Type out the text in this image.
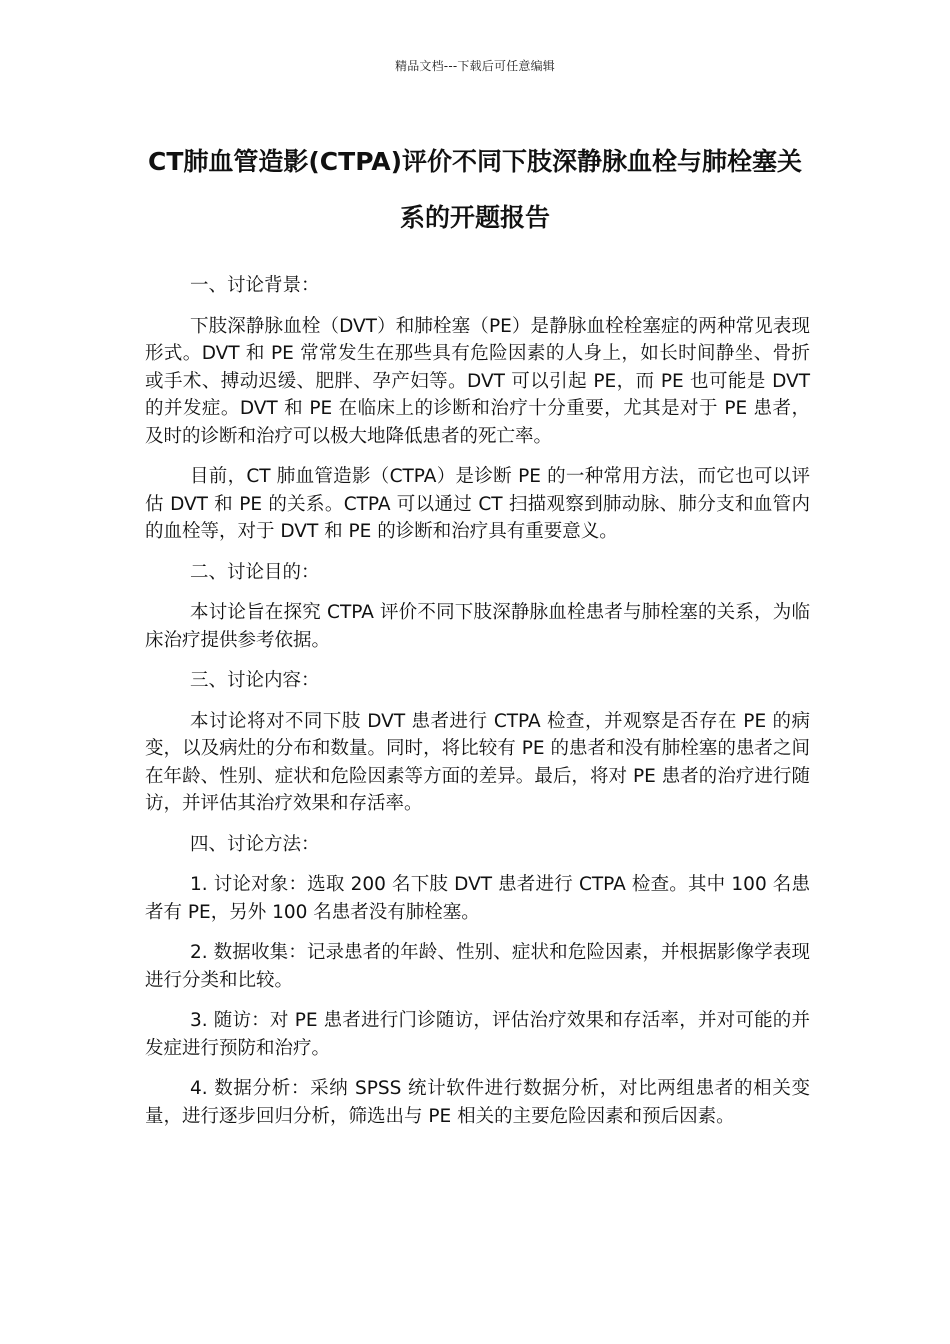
精品文档---下载后可任意编辑
CT肺血管造影(CTPA)评价不同下肢深静脉血栓与肺栓塞关系的开题报告

一、讨论背景：

下肢深静脉血栓（DVT）和肺栓塞（PE）是静脉血栓栓塞症的两种常见表现形式。DVT 和 PE 常常发生在那些具有危险因素的人身上，如长时间静坐、骨折或手术、搏动迟缓、肥胖、孕产妇等。DVT 可以引起 PE，而 PE 也可能是 DVT 的并发症。DVT 和 PE 在临床上的诊断和治疗十分重要，尤其是对于 PE 患者，及时的诊断和治疗可以极大地降低患者的死亡率。

目前，CT 肺血管造影（CTPA）是诊断 PE 的一种常用方法，而它也可以评估 DVT 和 PE 的关系。CTPA 可以通过 CT 扫描观察到肺动脉、肺分支和血管内的血栓等，对于 DVT 和 PE 的诊断和治疗具有重要意义。

二、讨论目的：

本讨论旨在探究 CTPA 评价不同下肢深静脉血栓患者与肺栓塞的关系，为临床治疗提供参考依据。

三、讨论内容：

本讨论将对不同下肢 DVT 患者进行 CTPA 检查，并观察是否存在 PE 的病变，以及病灶的分布和数量。同时，将比较有 PE 的患者和没有肺栓塞的患者之间在年龄、性别、症状和危险因素等方面的差异。最后，将对 PE 患者的治疗进行随访，并评估其治疗效果和存活率。

四、讨论方法：

1. 讨论对象：选取 200 名下肢 DVT 患者进行 CTPA 检查。其中 100 名患者有 PE，另外 100 名患者没有肺栓塞。

2. 数据收集：记录患者的年龄、性别、症状和危险因素，并根据影像学表现进行分类和比较。

3. 随访：对 PE 患者进行门诊随访，评估治疗效果和存活率，并对可能的并发症进行预防和治疗。

4. 数据分析：采纳 SPSS 统计软件进行数据分析，对比两组患者的相关变量，进行逐步回归分析，筛选出与 PE 相关的主要危险因素和预后因素。
